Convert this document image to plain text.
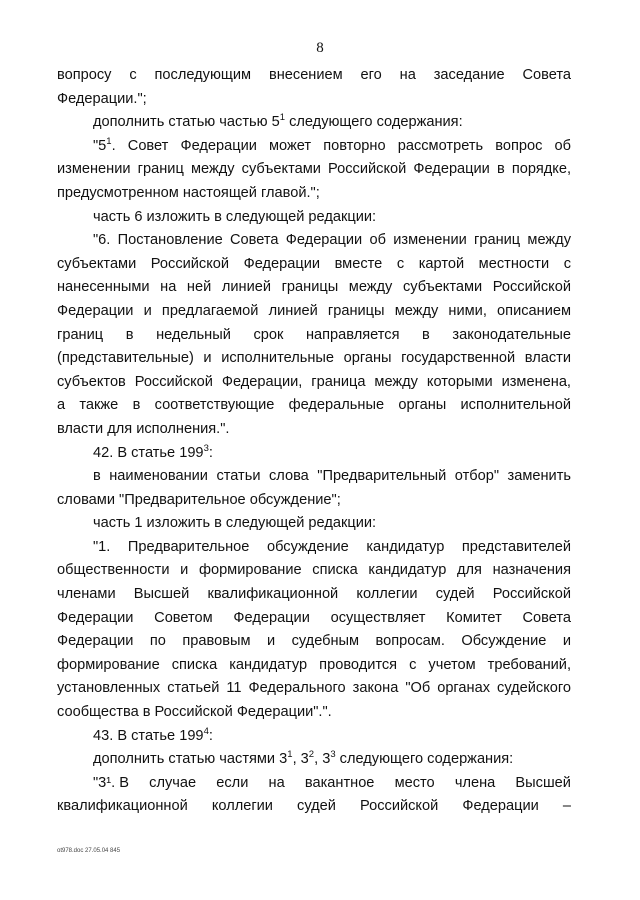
8
вопросу с последующим внесением его на заседание Совета
Федерации.";
дополнить статью частью $5^1$ следующего содержания:
"$5^1$. Совет Федерации может повторно рассмотреть вопрос об
изменении границ между субъектами Российской Федерации в порядке,
предусмотренном настоящей главой.";
часть 6 изложить в следующей редакции:
"6. Постановление Совета Федерации об изменении границ между
субъектами Российской Федерации вместе с картой местности с
нанесенными на ней линией границы между субъектами Российской
Федерации и предлагаемой линией границы между ними, описанием
границ в недельный срок направляется в законодательные
(представительные) и исполнительные органы государственной власти
субъектов Российской Федерации, граница между которыми изменена,
а также в соответствующие федеральные органы исполнительной
власти для исполнения.".
42. В статье $199^3$:
в наименовании статьи слова "Предварительный отбор" заменить
словами "Предварительное обсуждение";
часть 1 изложить в следующей редакции:
"1. Предварительное обсуждение кандидатур представителей
общественности и формирование списка кандидатур для назначения
членами Высшей квалификационной коллегии судей Российской
Федерации Советом Федерации осуществляет Комитет Совета
Федерации по правовым и судебным вопросам. Обсуждение и
формирование списка кандидатур проводится с учетом требований,
установленных статьей 11 Федерального закона "Об органах судейского
сообщества в Российской Федерации".".
43. В статье $199^4$:
дополнить статью частями $3^1$, $3^2$, $3^3$ следующего содержания:
"3¹. В случае если на вакантное место члена Высшей
квалификационной коллегии судей Российской Федерации –
ot978.doc 27.05.04 845
